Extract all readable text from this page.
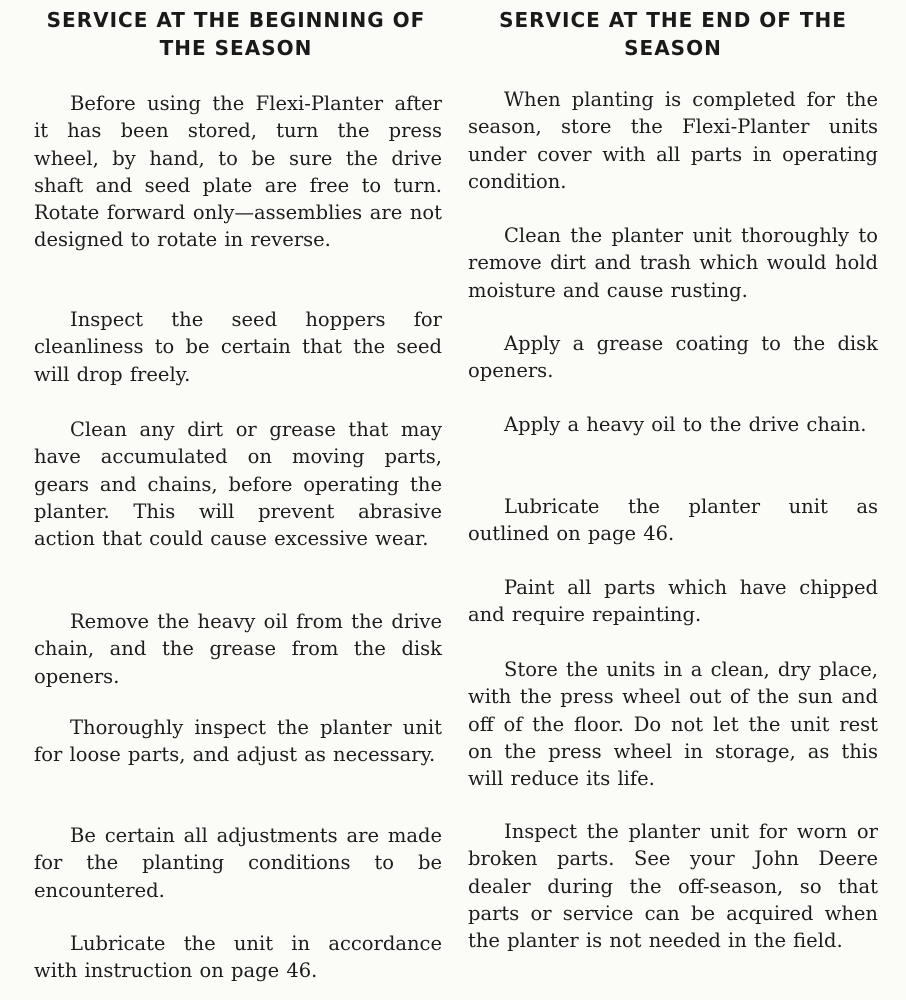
SERVICE AT THE BEGINNING OF THE SEASON

Before using the Flexi-Planter after it has been stored, turn the press wheel, by hand, to be sure the drive shaft and seed plate are free to turn. Rotate forward only—assemblies are not designed to rotate in reverse.

Inspect the seed hoppers for cleanliness to be certain that the seed will drop freely.

Clean any dirt or grease that may have accumulated on moving parts, gears and chains, before operating the planter. This will prevent abrasive action that could cause excessive wear.

Remove the heavy oil from the drive chain, and the grease from the disk openers.

Thoroughly inspect the planter unit for loose parts, and adjust as necessary.

Be certain all adjustments are made for the planting conditions to be encountered.

Lubricate the unit in accordance with instruction on page 46.

SERVICE AT THE END OF THE SEASON

When planting is completed for the season, store the Flexi-Planter units under cover with all parts in operating condition.

Clean the planter unit thoroughly to remove dirt and trash which would hold moisture and cause rusting.

Apply a grease coating to the disk openers.

Apply a heavy oil to the drive chain.

Lubricate the planter unit as outlined on page 46.

Paint all parts which have chipped and require repainting.

Store the units in a clean, dry place, with the press wheel out of the sun and off of the floor. Do not let the unit rest on the press wheel in storage, as this will reduce its life.

Inspect the planter unit for worn or broken parts. See your John Deere dealer during the off-season, so that parts or service can be acquired when the planter is not needed in the field.
